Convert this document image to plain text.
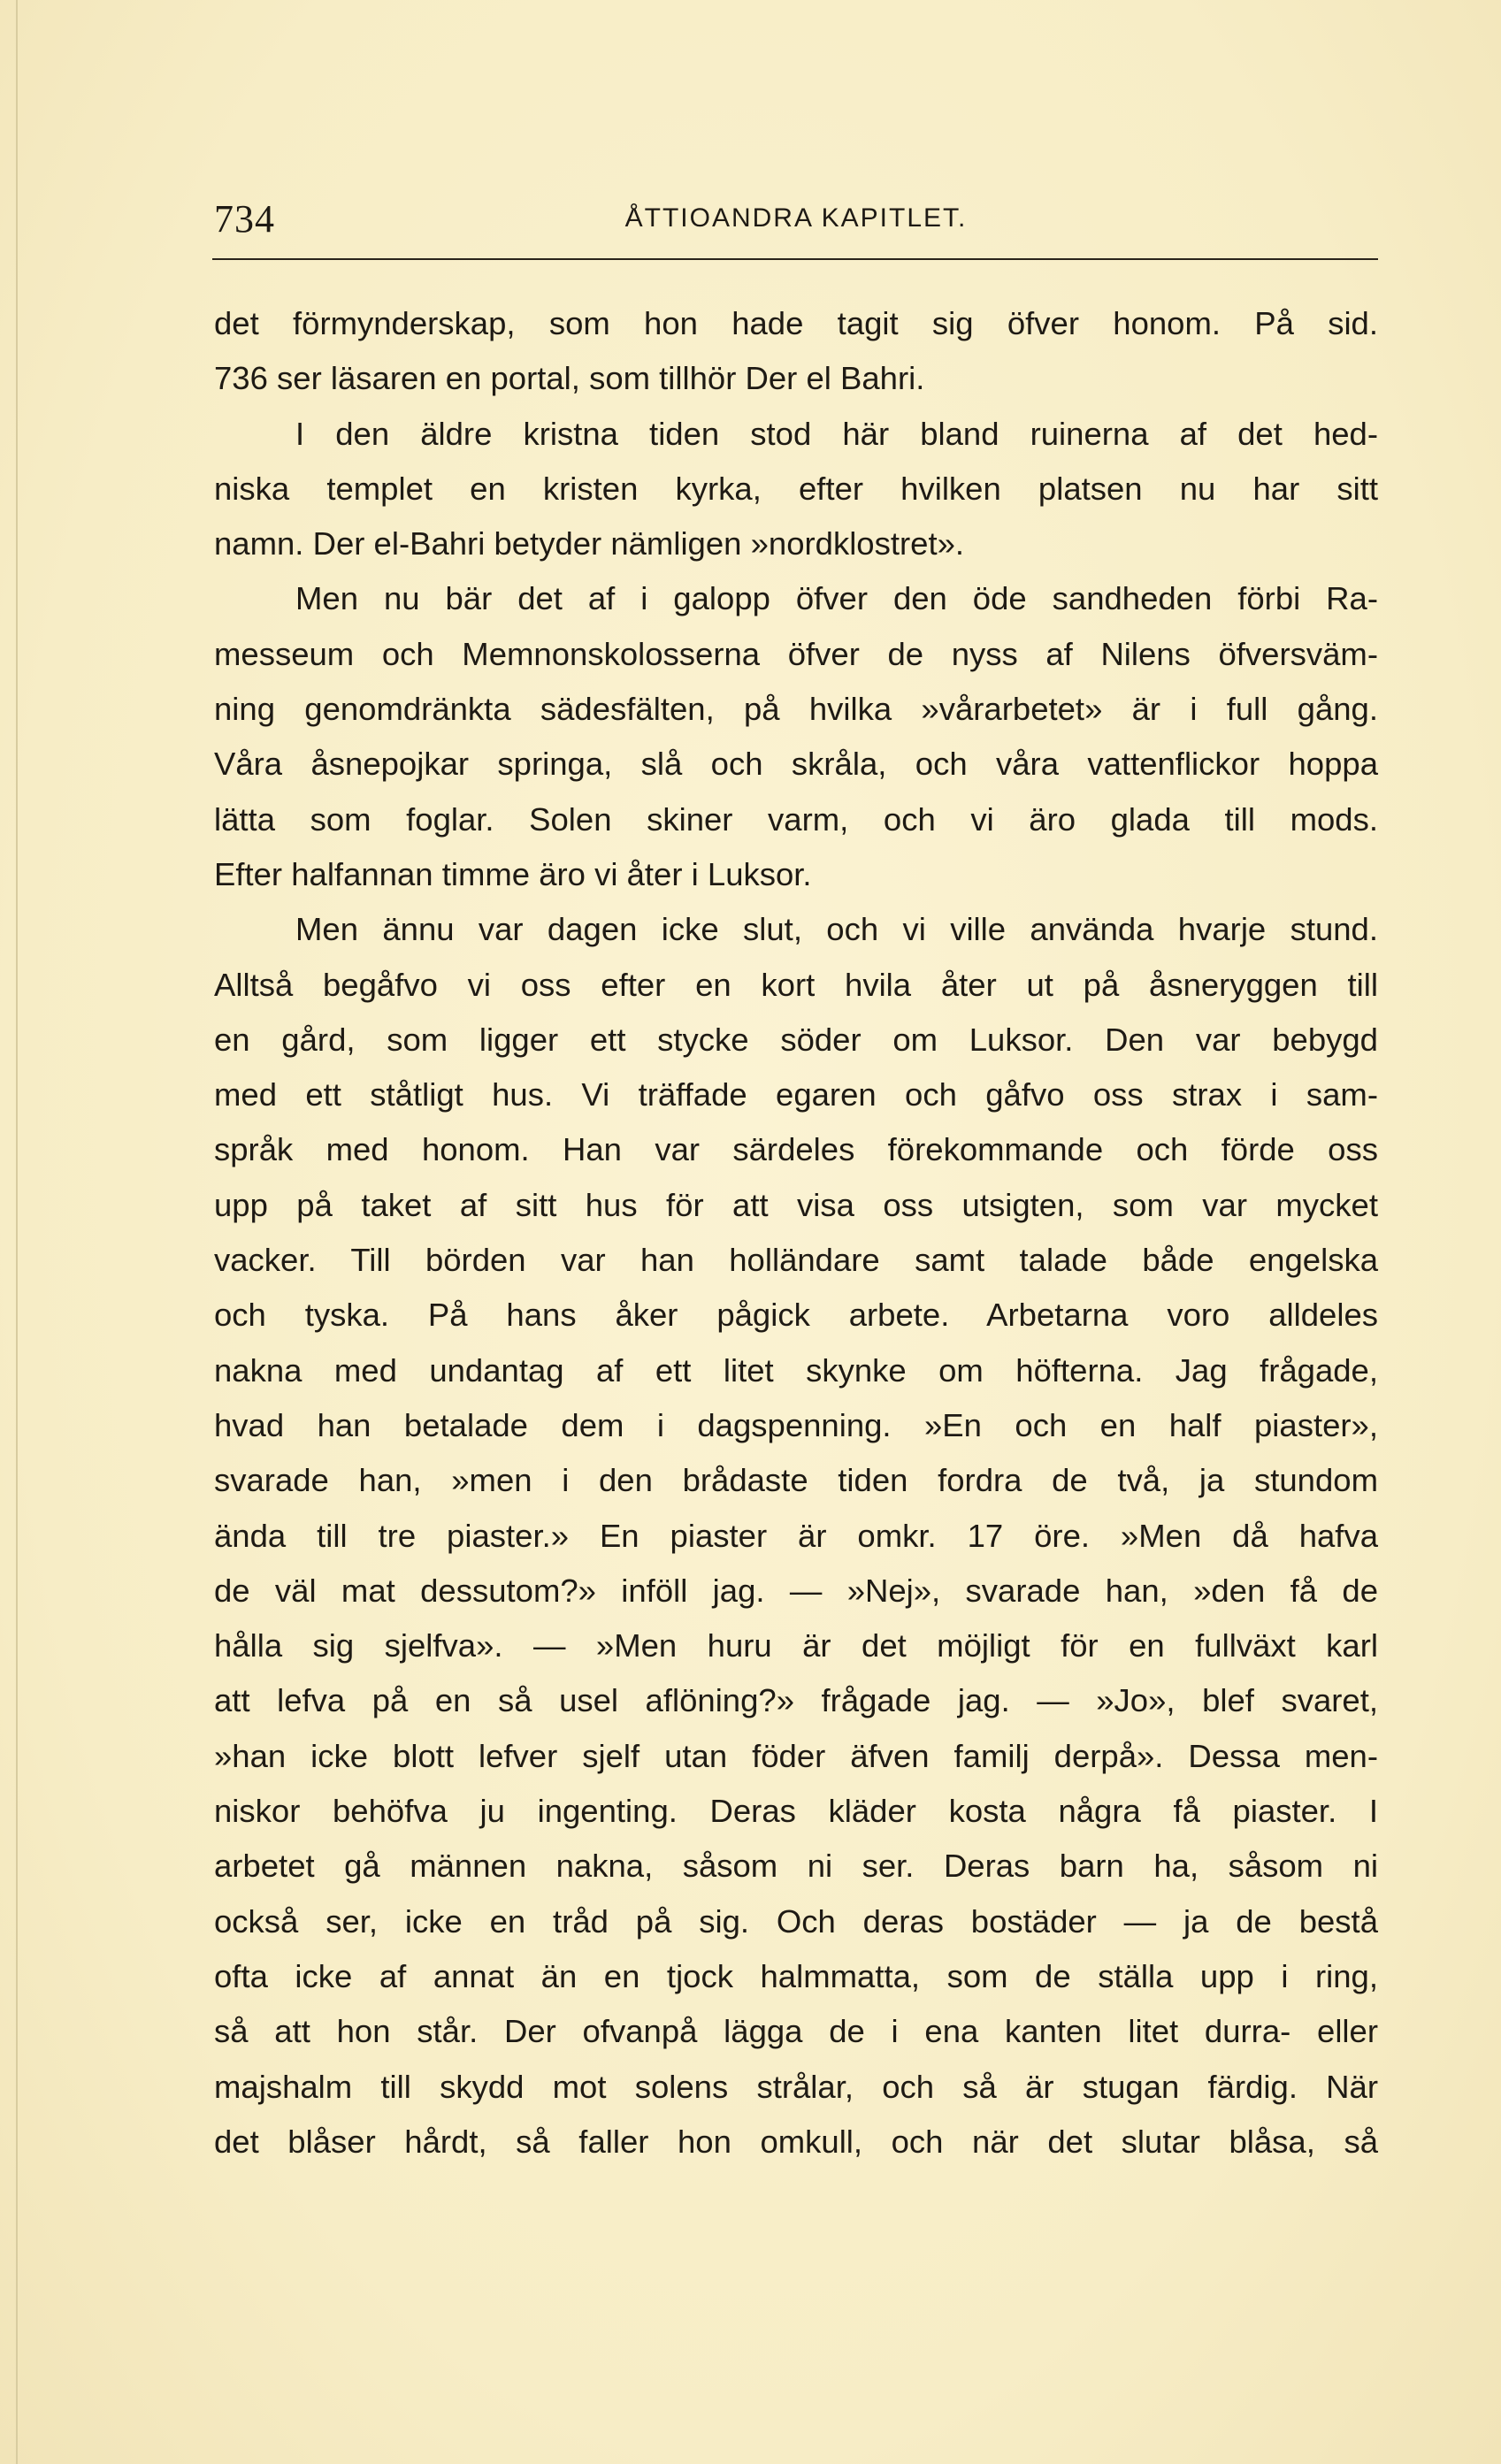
734	ÅTTIOANDRA KAPITLET.
det förmynderskap, som hon hade tagit sig öfver honom. På sid.
736 ser läsaren en portal, som tillhör Der el Bahri.
I den äldre kristna tiden stod här bland ruinerna af det hed-
niska templet en kristen kyrka, efter hvilken platsen nu har sitt
namn. Der el-Bahri betyder nämligen »nordklostret».
Men nu bär det af i galopp öfver den öde sandheden förbi Ra-
messeum och Memnonskolosserna öfver de nyss af Nilens öfversväm-
ning genomdränkta sädesfälten, på hvilka »vårarbetet» är i full gång.
Våra åsnepojkar springa, slå och skråla, och våra vattenflickor hoppa
lätta som foglar. Solen skiner varm, och vi äro glada till mods.
Efter halfannan timme äro vi åter i Luksor.
Men ännu var dagen icke slut, och vi ville använda hvarje stund.
Alltså begåfvo vi oss efter en kort hvila åter ut på åsneryggen till
en gård, som ligger ett stycke söder om Luksor. Den var bebygd
med ett ståtligt hus. Vi träffade egaren och gåfvo oss strax i sam-
språk med honom. Han var särdeles förekommande och förde oss
upp på taket af sitt hus för att visa oss utsigten, som var mycket
vacker. Till börden var han holländare samt talade både engelska
och tyska. På hans åker pågick arbete. Arbetarna voro alldeles
nakna med undantag af ett litet skynke om höfterna. Jag frågade,
hvad han betalade dem i dagspenning. »En och en half piaster»,
svarade han, »men i den brådaste tiden fordra de två, ja stundom
ända till tre piaster.» En piaster är omkr. 17 öre. »Men då hafva
de väl mat dessutom?» inföll jag. — »Nej», svarade han, »den få de
hålla sig sjelfva». — »Men huru är det möjligt för en fullväxt karl
att lefva på en så usel aflöning?» frågade jag. — »Jo», blef svaret,
»han icke blott lefver sjelf utan föder äfven familj derpå». Dessa men-
niskor behöfva ju ingenting. Deras kläder kosta några få piaster. I
arbetet gå männen nakna, såsom ni ser. Deras barn ha, såsom ni
också ser, icke en tråd på sig. Och deras bostäder — ja de bestå
ofta icke af annat än en tjock halmmatta, som de ställa upp i ring,
så att hon står. Der ofvanpå lägga de i ena kanten litet durra- eller
majshalm till skydd mot solens strålar, och så är stugan färdig. När
det blåser hårdt, så faller hon omkull, och när det slutar blåsa, så
